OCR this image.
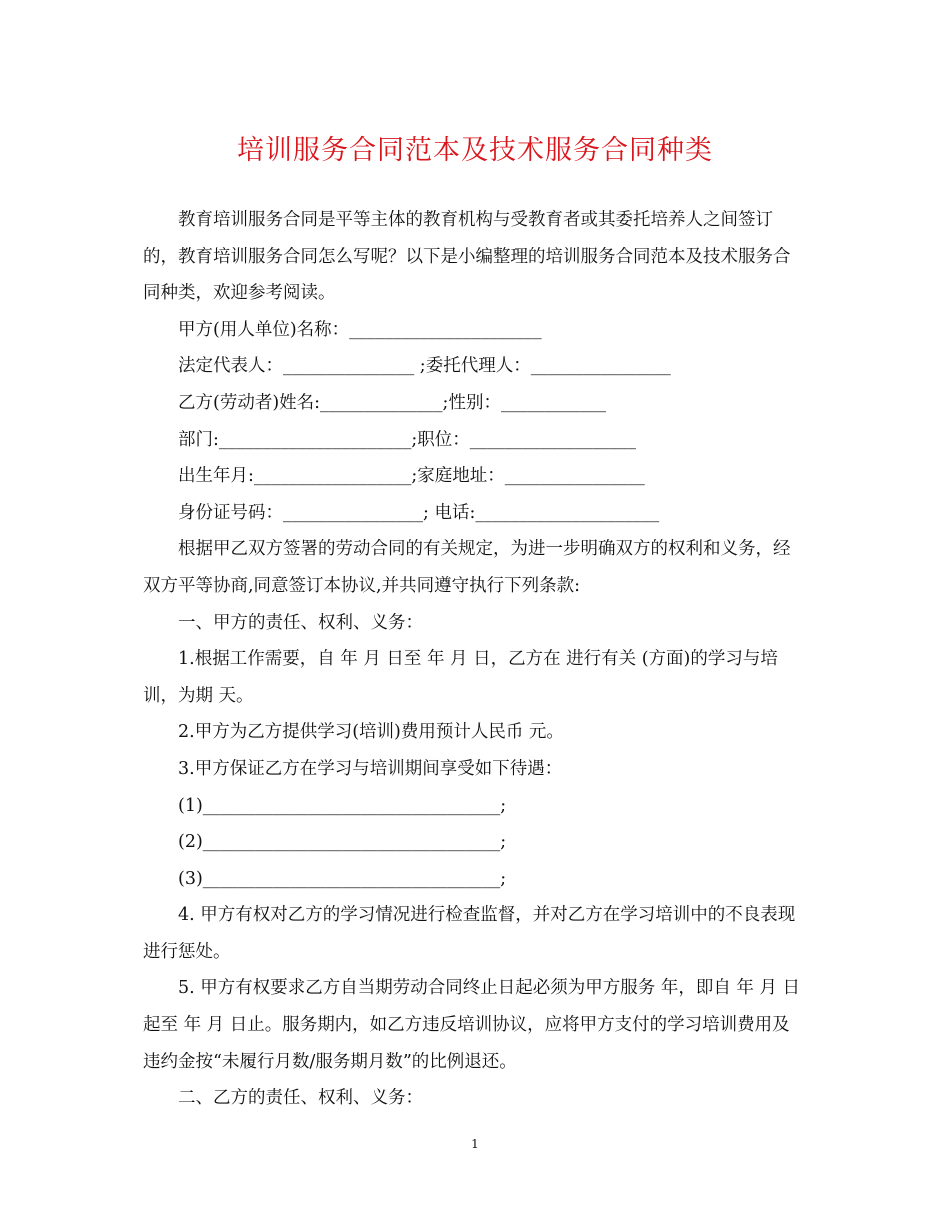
培训服务合同范本及技术服务合同种类

教育培训服务合同是平等主体的教育机构与受教育者或其委托培养人之间签订的，教育培训服务合同怎么写呢？以下是小编整理的培训服务合同范本及技术服务合同种类，欢迎参考阅读。

甲方(用人单位)名称：______________________

法定代表人：_______________ ;委托代理人：________________

乙方(劳动者)姓名:______________;性别：____________

部门:______________________;职位：___________________

出生年月:__________________;家庭地址：________________

身份证号码：________________; 电话:_____________________

根据甲乙双方签署的劳动合同的有关规定，为进一步明确双方的权利和义务，经双方平等协商,同意签订本协议,并共同遵守执行下列条款:

一、甲方的责任、权利、义务：

1.根据工作需要，自 年 月 日至 年 月 日，乙方在 进行有关 (方面)的学习与培训，为期 天。

2.甲方为乙方提供学习(培训)费用预计人民币 元。

3.甲方保证乙方在学习与培训期间享受如下待遇：

(1)__________________________________;

(2)__________________________________;

(3)__________________________________;

4. 甲方有权对乙方的学习情况进行检查监督，并对乙方在学习培训中的不良表现进行惩处。

5. 甲方有权要求乙方自当期劳动合同终止日起必须为甲方服务 年，即自 年 月 日起至 年 月 日止。服务期内，如乙方违反培训协议，应将甲方支付的学习培训费用及违约金按“未履行月数/服务期月数”的比例退还。

二、乙方的责任、权利、义务：

1
